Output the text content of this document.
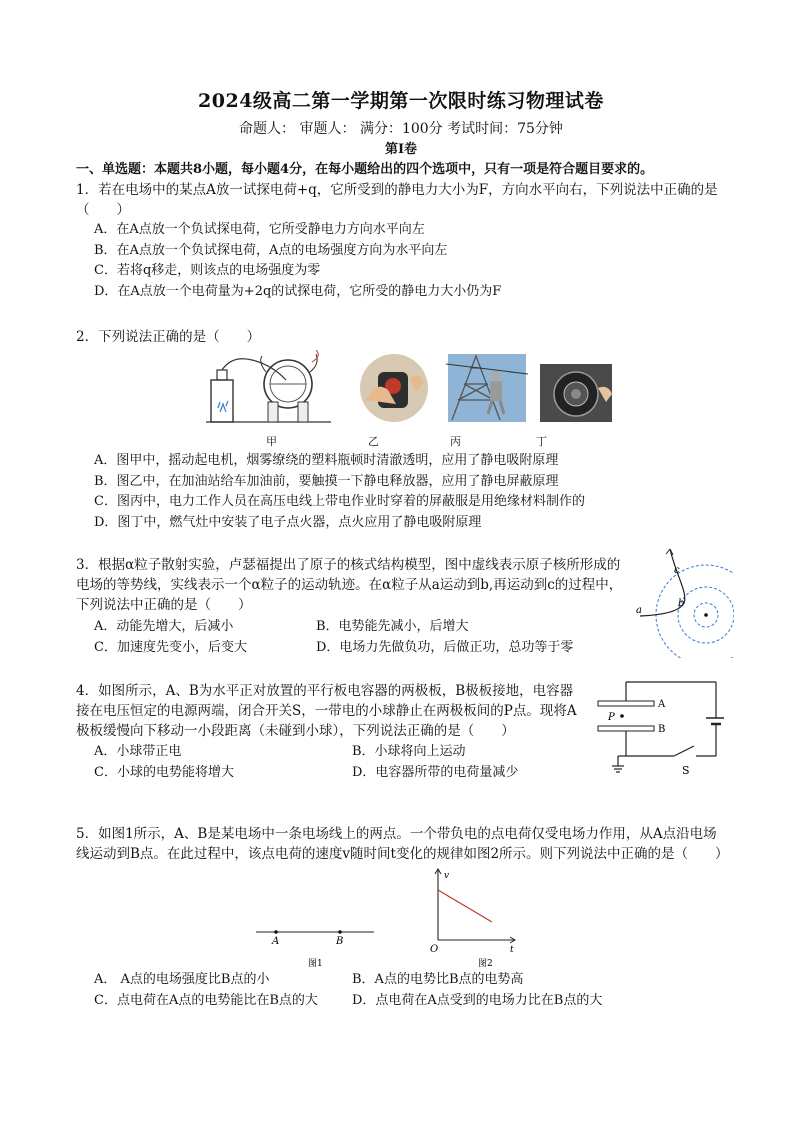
2024级高二第一学期第一次限时练习物理试卷
命题人： 审题人： 满分：100分 考试时间：75分钟
第Ⅰ卷
一、单选题：本题共8小题，每小题4分，在每小题给出的四个选项中，只有一项是符合题目要求的。
1．若在电场中的某点A放一试探电荷+q，它所受到的静电力大小为F，方向水平向右，下列说法中正确的是（　　）
A．在A点放一个负试探电荷，它所受静电力方向水平向左
B．在A点放一个负试探电荷，A点的电场强度方向为水平向左
C．若将q移走，则该点的电场强度为零
D．在A点放一个电荷量为+2q的试探电荷，它所受的静电力大小仍为F
2．下列说法正确的是（　　）
甲	乙	丙	丁
A．图甲中，摇动起电机，烟雾缭绕的塑料瓶顿时清澈透明，应用了静电吸附原理
B．图乙中，在加油站给车加油前，要触摸一下静电释放器，应用了静电屏蔽原理
C．图丙中，电力工作人员在高压电线上带电作业时穿着的屏蔽服是用绝缘材料制作的
D．图丁中，燃气灶中安装了电子点火器，点火应用了静电吸附原理
3．根据α粒子散射实验，卢瑟福提出了原子的核式结构模型，图中虚线表示原子核所形成的电场的等势线，实线表示一个α粒子的运动轨迹。在α粒子从a运动到b,再运动到c的过程中，下列说法中正确的是（　　）
A．动能先增大，后减小	B．电势能先减小，后增大
C．加速度先变小，后变大	D．电场力先做负功，后做正功，总功等于零
a
b
c
4．如图所示，A、B为水平正对放置的平行板电容器的两极板，B极板接地，电容器接在电压恒定的电源两端，闭合开关S，一带电的小球静止在两极板间的P点。现将A极板缓慢向下移动一小段距离（未碰到小球），下列说法正确的是（　　）
A．小球带正电	B．小球将向上运动
C．小球的电势能将增大	D．电容器所带的电荷量减少
A
B
P
S
5．如图1所示，A、B是某电场中一条电场线上的两点。一个带负电的点电荷仅受电场力作用，从A点沿电场线运动到B点。在此过程中，该点电荷的速度v随时间t变化的规律如图2所示。则下列说法中正确的是（　　）
A	B
图1
v
t
O
图2
A． A点的电场强度比B点的小	B．A点的电势比B点的电势高
C．点电荷在A点的电势能比在B点的大	D．点电荷在A点受到的电场力比在B点的大
